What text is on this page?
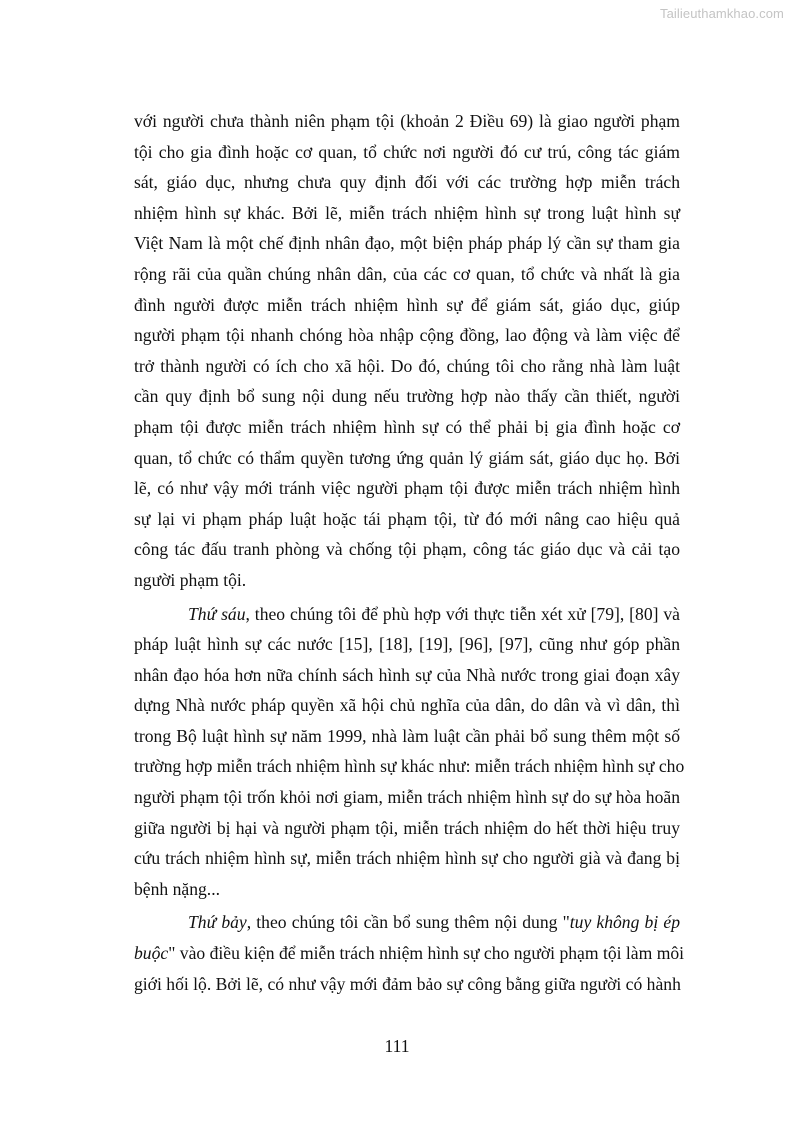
Tailieuthamkhao.com

với người chưa thành niên phạm tội (khoản 2 Điều 69) là giao người phạm
tội cho gia đình hoặc cơ quan, tổ chức nơi người đó cư trú, công tác giám
sát, giáo dục, nhưng chưa quy định đối với các trường hợp miễn trách
nhiệm hình sự khác. Bởi lẽ, miễn trách nhiệm hình sự trong luật hình sự
Việt Nam là một chế định nhân đạo, một biện pháp pháp lý cần sự tham gia
rộng rãi của quần chúng nhân dân, của các cơ quan, tổ chức và nhất là gia
đình người được miễn trách nhiệm hình sự để giám sát, giáo dục, giúp
người phạm tội nhanh chóng hòa nhập cộng đồng, lao động và làm việc để
trở thành người có ích cho xã hội. Do đó, chúng tôi cho rằng nhà làm luật
cần quy định bổ sung nội dung nếu trường hợp nào thấy cần thiết, người
phạm tội được miễn trách nhiệm hình sự có thể phải bị gia đình hoặc cơ
quan, tổ chức có thẩm quyền tương ứng quản lý giám sát, giáo dục họ. Bởi
lẽ, có như vậy mới tránh việc người phạm tội được miễn trách nhiệm hình
sự lại vi phạm pháp luật hoặc tái phạm tội, từ đó mới nâng cao hiệu quả
công tác đấu tranh phòng và chống tội phạm, công tác giáo dục và cải tạo
người phạm tội.

Thứ sáu, theo chúng tôi để phù hợp với thực tiễn xét xử [79], [80] và
pháp luật hình sự các nước [15], [18], [19], [96], [97], cũng như góp phần
nhân đạo hóa hơn nữa chính sách hình sự của Nhà nước trong giai đoạn xây
dựng Nhà nước pháp quyền xã hội chủ nghĩa của dân, do dân và vì dân, thì
trong Bộ luật hình sự năm 1999, nhà làm luật cần phải bổ sung thêm một số
trường hợp miễn trách nhiệm hình sự khác như: miễn trách nhiệm hình sự cho
người phạm tội trốn khỏi nơi giam, miễn trách nhiệm hình sự do sự hòa hoãn
giữa người bị hại và người phạm tội, miễn trách nhiệm do hết thời hiệu truy
cứu trách nhiệm hình sự, miễn trách nhiệm hình sự cho người già và đang bị
bệnh nặng...

Thứ bảy, theo chúng tôi cần bổ sung thêm nội dung "tuy không bị ép
buộc" vào điều kiện để miễn trách nhiệm hình sự cho người phạm tội làm môi
giới hối lộ. Bởi lẽ, có như vậy mới đảm bảo sự công bằng giữa người có hành

111
